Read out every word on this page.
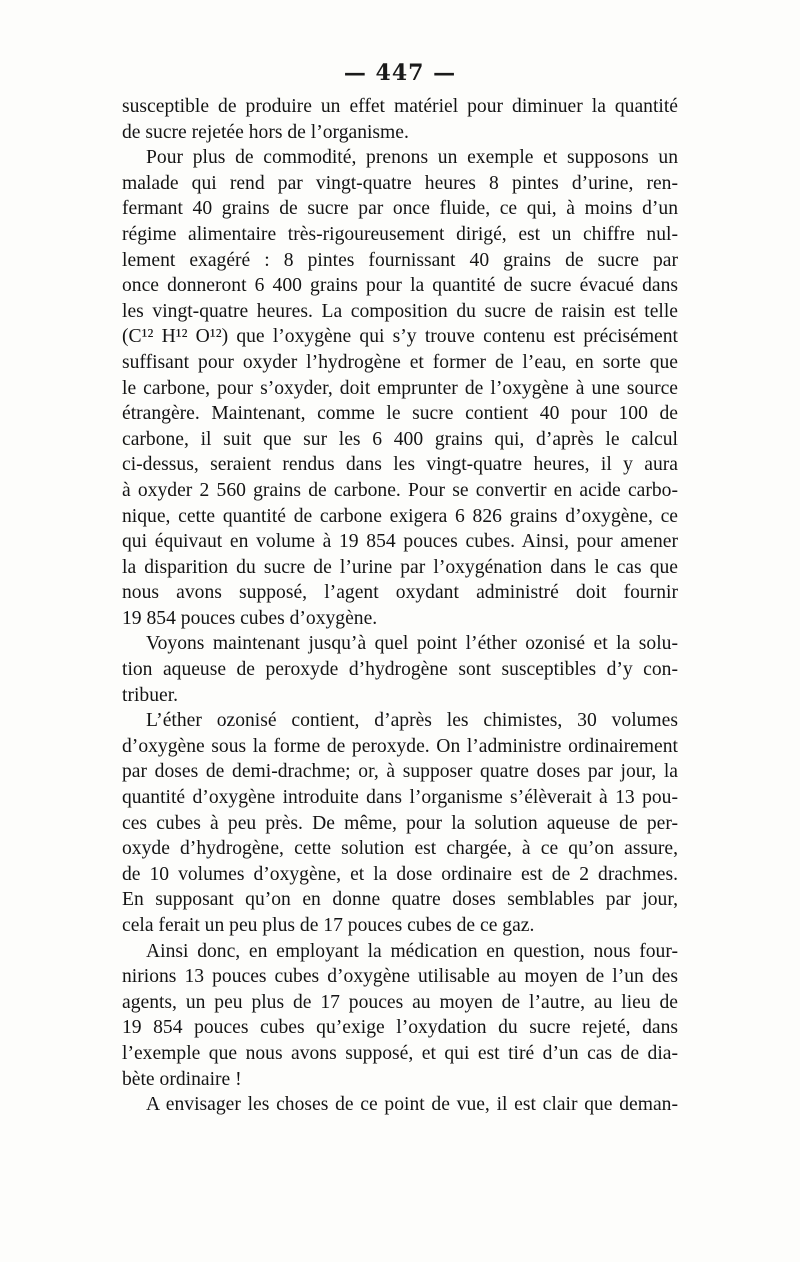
— 447 —
susceptible de produire un effet matériel pour diminuer la quantité
de sucre rejetée hors de l’organisme.
Pour plus de commodité, prenons un exemple et supposons un
malade qui rend par vingt-quatre heures 8 pintes d’urine, ren-
fermant 40 grains de sucre par once fluide, ce qui, à moins d’un
régime alimentaire très-rigoureusement dirigé, est un chiffre nul-
lement exagéré : 8 pintes fournissant 40 grains de sucre par
once donneront 6 400 grains pour la quantité de sucre évacué dans
les vingt-quatre heures. La composition du sucre de raisin est telle
(C¹² H¹² O¹²) que l’oxygène qui s’y trouve contenu est précisément
suffisant pour oxyder l’hydrogène et former de l’eau, en sorte que
le carbone, pour s’oxyder, doit emprunter de l’oxygène à une source
étrangère. Maintenant, comme le sucre contient 40 pour 100 de
carbone, il suit que sur les 6 400 grains qui, d’après le calcul
ci-dessus, seraient rendus dans les vingt-quatre heures, il y aura
à oxyder 2 560 grains de carbone. Pour se convertir en acide carbo-
nique, cette quantité de carbone exigera 6 826 grains d’oxygène, ce
qui équivaut en volume à 19 854 pouces cubes. Ainsi, pour amener
la disparition du sucre de l’urine par l’oxygénation dans le cas que
nous avons supposé, l’agent oxydant administré doit fournir
19 854 pouces cubes d’oxygène.
Voyons maintenant jusqu’à quel point l’éther ozonisé et la solu-
tion aqueuse de peroxyde d’hydrogène sont susceptibles d’y con-
tribuer.
L’éther ozonisé contient, d’après les chimistes, 30 volumes
d’oxygène sous la forme de peroxyde. On l’administre ordinairement
par doses de demi-drachme; or, à supposer quatre doses par jour, la
quantité d’oxygène introduite dans l’organisme s’élèverait à 13 pou-
ces cubes à peu près. De même, pour la solution aqueuse de per-
oxyde d’hydrogène, cette solution est chargée, à ce qu’on assure,
de 10 volumes d’oxygène, et la dose ordinaire est de 2 drachmes.
En supposant qu’on en donne quatre doses semblables par jour,
cela ferait un peu plus de 17 pouces cubes de ce gaz.
Ainsi donc, en employant la médication en question, nous four-
nirions 13 pouces cubes d’oxygène utilisable au moyen de l’un des
agents, un peu plus de 17 pouces au moyen de l’autre, au lieu de
19 854 pouces cubes qu’exige l’oxydation du sucre rejeté, dans
l’exemple que nous avons supposé, et qui est tiré d’un cas de dia-
bète ordinaire !
A envisager les choses de ce point de vue, il est clair que deman-
